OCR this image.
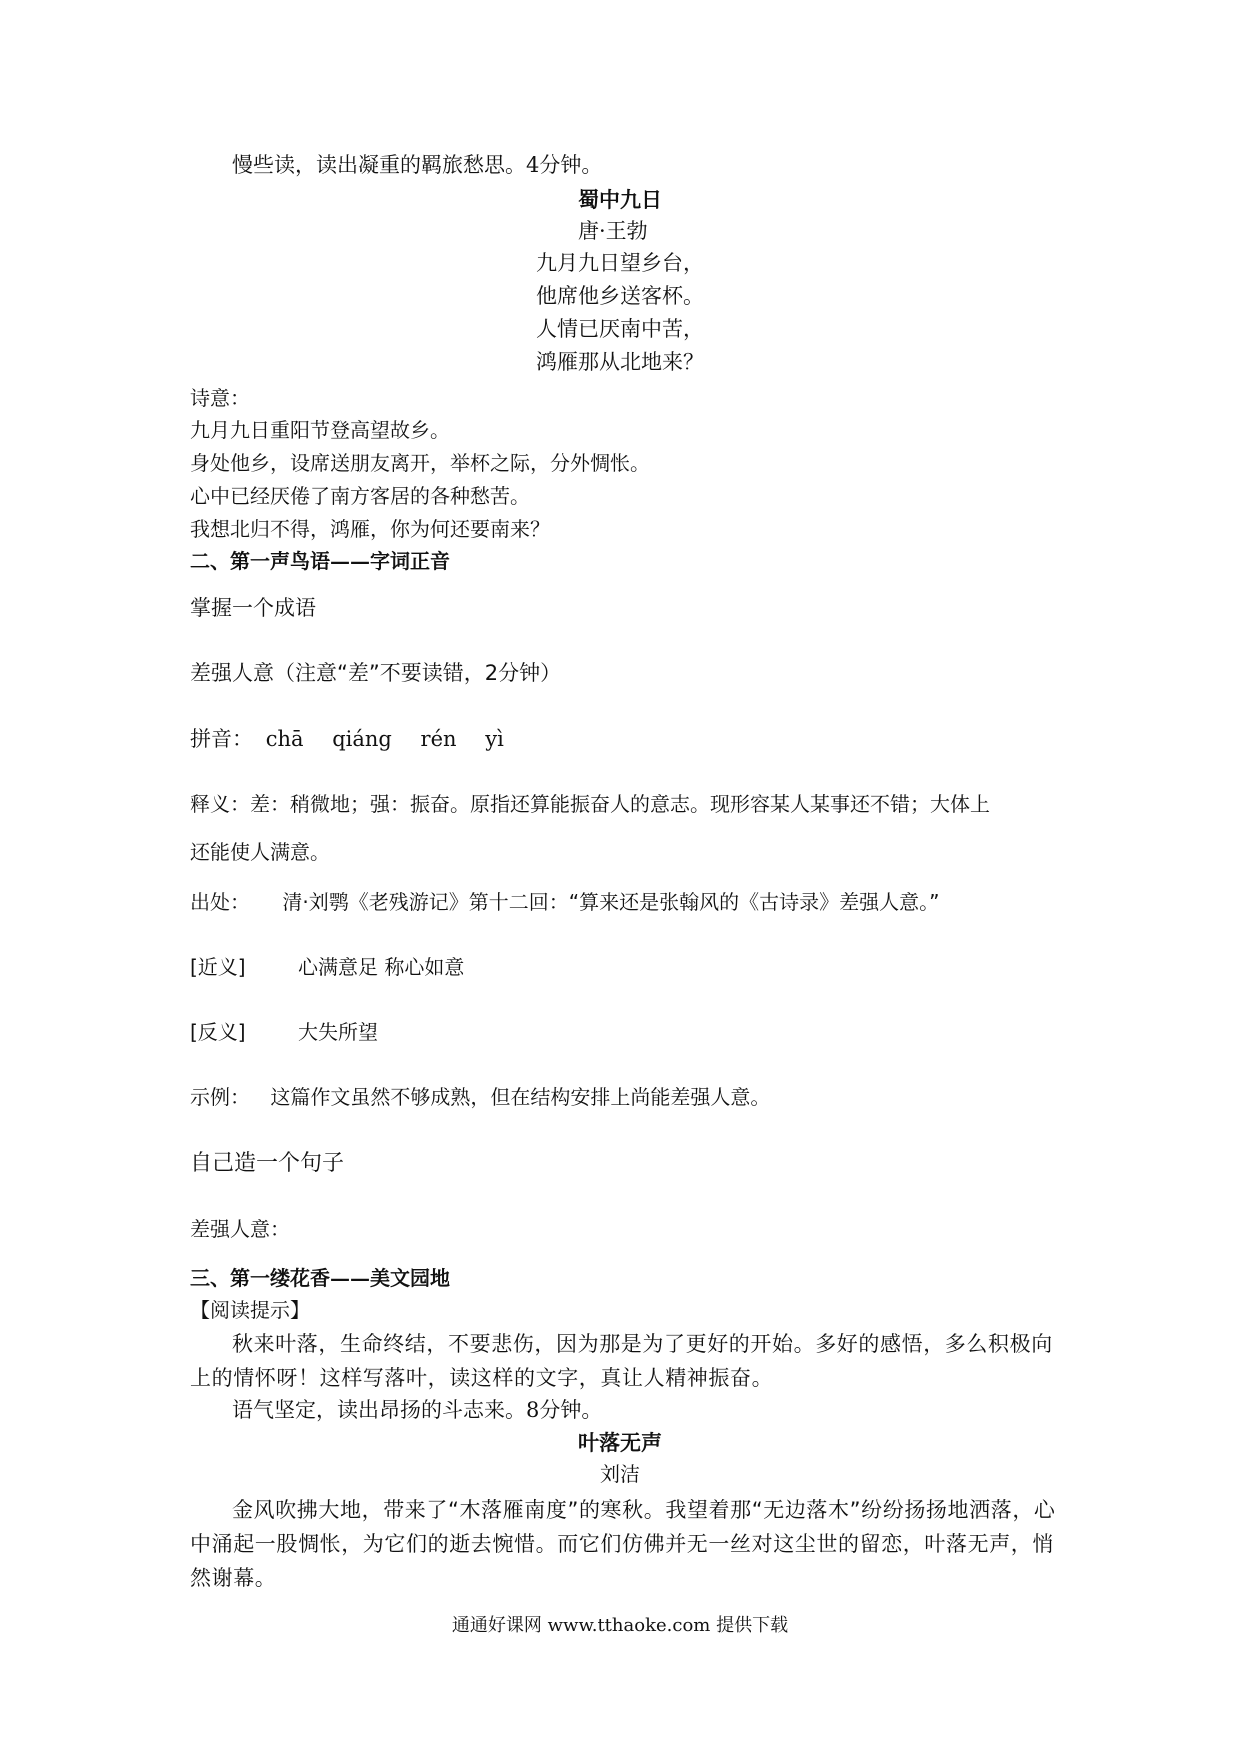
慢些读，读出凝重的羁旅愁思。4分钟。
蜀中九日
唐·王勃
九月九日望乡台，
他席他乡送客杯。
人情已厌南中苦，
鸿雁那从北地来？
诗意：
九月九日重阳节登高望故乡。
身处他乡，设席送朋友离开，举杯之际，分外惆怅。
心中已经厌倦了南方客居的各种愁苦。
我想北归不得，鸿雁，你为何还要南来？
二、第一声鸟语——字词正音
掌握一个成语
差强人意（注意“差”不要读错，2分钟）
拼音： chā qiáng rén yì
释义：差：稍微地；强：振奋。原指还算能振奋人的意志。现形容某人某事还不错；大体上
还能使人满意。
出处： 清·刘鹗《老残游记》第十二回：“算来还是张翰风的《古诗录》差强人意。”
[近义]	心满意足 称心如意
[反义]	大失所望
示例： 这篇作文虽然不够成熟，但在结构安排上尚能差强人意。
自己造一个句子
差强人意：
三、第一缕花香——美文园地
【阅读提示】
秋来叶落，生命终结，不要悲伤，因为那是为了更好的开始。多好的感悟，多么积极向上的情怀呀！这样写落叶，读这样的文字，真让人精神振奋。
语气坚定，读出昂扬的斗志来。8分钟。
叶落无声
刘洁
金风吹拂大地，带来了“木落雁南度”的寒秋。我望着那“无边落木”纷纷扬扬地洒落，心中涌起一股惆怅，为它们的逝去惋惜。而它们仿佛并无一丝对这尘世的留恋，叶落无声，悄然谢幕。
通通好课网 www.tthaoke.com 提供下载
